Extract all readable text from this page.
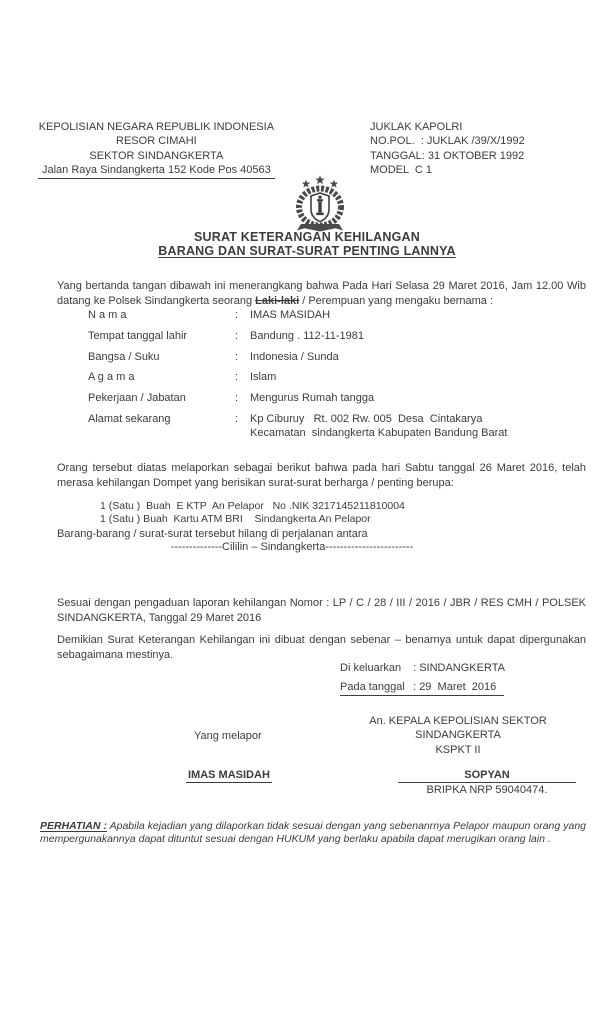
KEPOLISIAN NEGARA REPUBLIK INDONESIA
RESOR CIMAHI
SEKTOR SINDANGKERTA
Jalan Raya Sindangkerta 152 Kode Pos 40563
JUKLAK KAPOLRI
NO.POL.  : JUKLAK /39/X/1992
TANGGAL: 31 OKTOBER 1992
MODEL  C 1
SURAT KETERANGAN KEHILANGAN
BARANG DAN SURAT-SURAT PENTING LANNYA

Yang bertanda tangan dibawah ini menerangkang bahwa Pada Hari Selasa 29 Maret 2016, Jam 12.00 Wib datang ke Polsek Sindangkerta seorang Laki-laki / Perempuan yang mengaku bernama :

N a m a	:	IMAS MASIDAH
Tempat tanggal lahir	:	Bandung . 112-11-1981
Bangsa / Suku	:	Indonesia / Sunda
A g a m a	:	Islam
Pekerjaan / Jabatan	:	Mengurus Rumah tangga
Alamat sekarang	:	Kp Ciburuy   Rt. 002 Rw. 005  Desa  Cintakarya
Kecamatan  sindangkerta Kabupaten Bandung Barat

Orang tersebut diatas melaporkan sebagai berikut bahwa pada hari Sabtu tanggal 26 Maret 2016, telah merasa kehilangan Dompet yang berisikan surat-surat berharga / penting berupa:

1 (Satu )  Buah  E KTP  An Pelapor   No .NIK 3217145211810004
1 (Satu ) Buah  Kartu ATM BRI    Sindangkerta An Pelapor
Barang-barang / surat-surat tersebut hilang di perjalanan antara
--------------Cililin – Sindangkerta------------------------

Sesuai dengan pengaduan laporan kehilangan Nomor : LP / C / 28 / III / 2016 / JBR / RES CMH / POLSEK SINDANGKERTA, Tanggal 29 Maret 2016

Demikian Surat Keterangan Kehilangan ini dibuat dengan sebenar – benarnya untuk dapat dipergunakan sebagaimana mestinya.

Di keluarkan : SINDANGKERTA
Pada tanggal : 29  Maret  2016
An. KEPALA KEPOLISIAN SEKTOR SINDANGKERTA
KSPKT II
Yang melapor
IMAS MASIDAH	SOPYAN
BRIPKA NRP 59040474.

PERHATIAN : Apabila kejadian yang dilaporkan tidak sesuai dengan yang sebenanrnya Pelapor maupun orang yang mempergunakannya dapat dituntut sesuai dengan HUKUM yang berlaku apabila dapat merugikan orang lain .
